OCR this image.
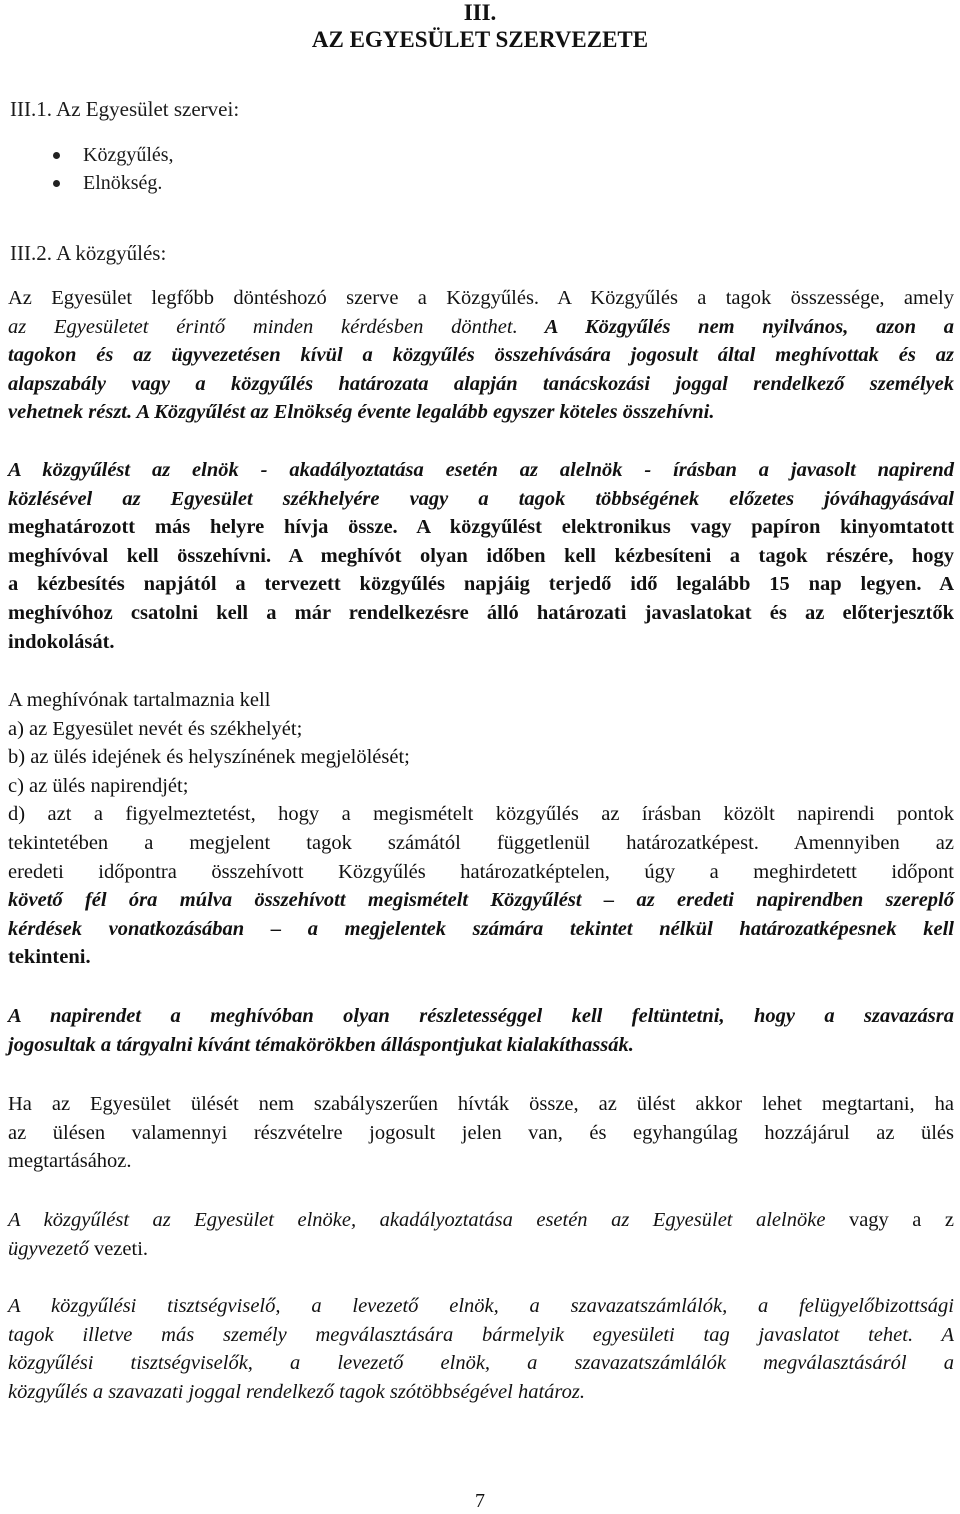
III.
AZ EGYESÜLET SZERVEZETE
III.1. Az Egyesület szervei:
Közgyűlés,
Elnökség.
III.2. A közgyűlés:
Az Egyesület legfőbb döntéshozó szerve a Közgyűlés. A Közgyűlés a tagok összessége, amely
az Egyesületet érintő minden kérdésben dönthet. A Közgyűlés nem nyilvános, azon a
tagokon és az ügyvezetésen kívül a közgyűlés összehívására jogosult által meghívottak és az
alapszabály vagy a közgyűlés határozata alapján tanácskozási joggal rendelkező személyek
vehetnek részt. A Közgyűlést az Elnökség évente legalább egyszer köteles összehívni.
A közgyűlést az elnök - akadályoztatása esetén az alelnök - írásban a javasolt napirend
közlésével az Egyesület székhelyére vagy a tagok többségének előzetes jóváhagyásával
meghatározott más helyre hívja össze. A közgyűlést elektronikus vagy papíron kinyomtatott
meghívóval kell összehívni. A meghívót olyan időben kell kézbesíteni a tagok részére, hogy
a kézbesítés napjától a tervezett közgyűlés napjáig terjedő idő legalább 15 nap legyen. A
meghívóhoz csatolni kell a már rendelkezésre álló határozati javaslatokat és az előterjesztők
indokolását.
A meghívónak tartalmaznia kell
a) az Egyesület nevét és székhelyét;
b) az ülés idejének és helyszínének megjelölését;
c) az ülés napirendjét;
d) azt a figyelmeztetést, hogy a megismételt közgyűlés az írásban közölt napirendi pontok
tekintetében a megjelent tagok számától függetlenül határozatképest. Amennyiben az
eredeti időpontra összehívott Közgyűlés határozatképtelen, úgy a meghirdetett időpont
követő fél óra múlva összehívott megismételt Közgyűlést – az eredeti napirendben szereplő
kérdések vonatkozásában – a megjelentek számára tekintet nélkül határozatképesnek kell
tekinteni.
A napirendet a meghívóban olyan részletességgel kell feltüntetni, hogy a szavazásra
jogosultak a tárgyalni kívánt témakörökben álláspontjukat kialakíthassák.
Ha az Egyesület ülését nem szabályszerűen hívták össze, az ülést akkor lehet megtartani, ha
az ülésen valamennyi részvételre jogosult jelen van, és egyhangúlag hozzájárul az ülés
megtartásához.
A közgyűlést az Egyesület elnöke, akadályoztatása esetén az Egyesület alelnöke vagy a z
ügyvezető vezeti.
A közgyűlési tisztségviselő, a levezető elnök, a szavazatszámlálók, a felügyelőbizottsági
tagok illetve más személy megválasztására bármelyik egyesületi tag javaslatot tehet. A
közgyűlési tisztségviselők, a levezető elnök, a szavazatszámlálók megválasztásáról a
közgyűlés a szavazati joggal rendelkező tagok szótöbbségével határoz.
7
